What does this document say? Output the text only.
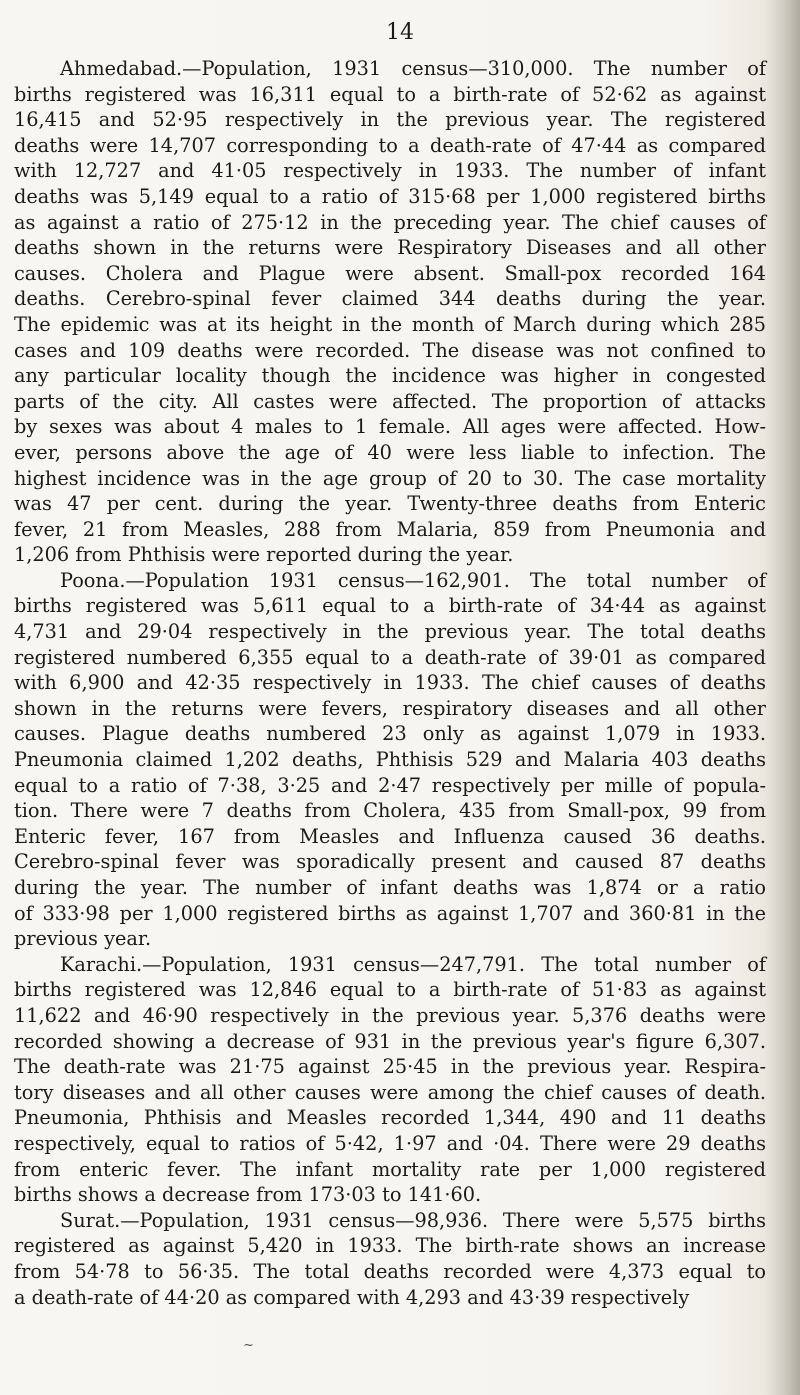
14
Ahmedabad.—Population, 1931 census—310,000. The number of
births registered was 16,311 equal to a birth-rate of 52·62 as against
16,415 and 52·95 respectively in the previous year. The registered
deaths were 14,707 corresponding to a death-rate of 47·44 as compared
with 12,727 and 41·05 respectively in 1933. The number of infant
deaths was 5,149 equal to a ratio of 315·68 per 1,000 registered births
as against a ratio of 275·12 in the preceding year. The chief causes of
deaths shown in the returns were Respiratory Diseases and all other
causes. Cholera and Plague were absent. Small-pox recorded 164
deaths. Cerebro-spinal fever claimed 344 deaths during the year.
The epidemic was at its height in the month of March during which 285
cases and 109 deaths were recorded. The disease was not confined to
any particular locality though the incidence was higher in congested
parts of the city. All castes were affected. The proportion of attacks
by sexes was about 4 males to 1 female. All ages were affected. How-
ever, persons above the age of 40 were less liable to infection. The
highest incidence was in the age group of 20 to 30. The case mortality
was 47 per cent. during the year. Twenty-three deaths from Enteric
fever, 21 from Measles, 288 from Malaria, 859 from Pneumonia and
1,206 from Phthisis were reported during the year.
Poona.—Population 1931 census—162,901. The total number of
births registered was 5,611 equal to a birth-rate of 34·44 as against
4,731 and 29·04 respectively in the previous year. The total deaths
registered numbered 6,355 equal to a death-rate of 39·01 as compared
with 6,900 and 42·35 respectively in 1933. The chief causes of deaths
shown in the returns were fevers, respiratory diseases and all other
causes. Plague deaths numbered 23 only as against 1,079 in 1933.
Pneumonia claimed 1,202 deaths, Phthisis 529 and Malaria 403 deaths
equal to a ratio of 7·38, 3·25 and 2·47 respectively per mille of popula-
tion. There were 7 deaths from Cholera, 435 from Small-pox, 99 from
Enteric fever, 167 from Measles and Influenza caused 36 deaths.
Cerebro-spinal fever was sporadically present and caused 87 deaths
during the year. The number of infant deaths was 1,874 or a ratio
of 333·98 per 1,000 registered births as against 1,707 and 360·81 in the
previous year.
Karachi.—Population, 1931 census—247,791. The total number of
births registered was 12,846 equal to a birth-rate of 51·83 as against
11,622 and 46·90 respectively in the previous year. 5,376 deaths were
recorded showing a decrease of 931 in the previous year's figure 6,307.
The death-rate was 21·75 against 25·45 in the previous year. Respira-
tory diseases and all other causes were among the chief causes of death.
Pneumonia, Phthisis and Measles recorded 1,344, 490 and 11 deaths
respectively, equal to ratios of 5·42, 1·97 and ·04. There were 29 deaths
from enteric fever. The infant mortality rate per 1,000 registered
births shows a decrease from 173·03 to 141·60.
Surat.—Population, 1931 census—98,936. There were 5,575 births
registered as against 5,420 in 1933. The birth-rate shows an increase
from 54·78 to 56·35. The total deaths recorded were 4,373 equal to
a death-rate of 44·20 as compared with 4,293 and 43·39 respectively
~
